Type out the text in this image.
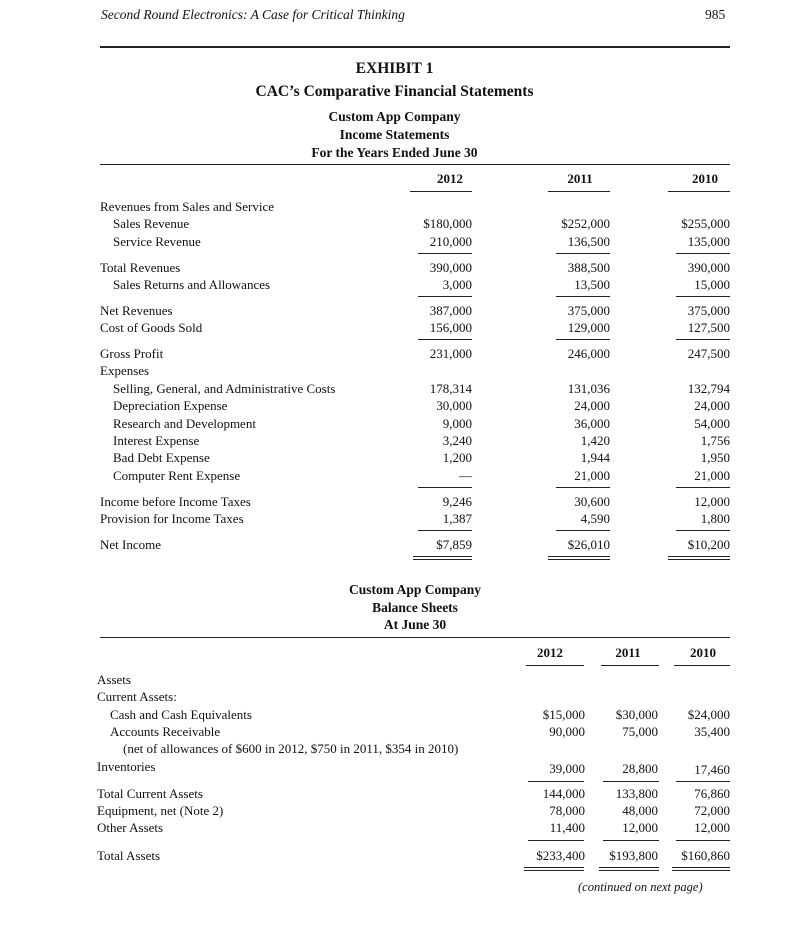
Second Round Electronics: A Case for Critical Thinking	985
EXHIBIT 1
CAC’s Comparative Financial Statements
Custom App Company
Income Statements
For the Years Ended June 30
2012	2011	2010
Revenues from Sales and Service
Sales Revenue	$180,000	$252,000	$255,000
Service Revenue	210,000	136,500	135,000
Total Revenues	390,000	388,500	390,000
Sales Returns and Allowances	3,000	13,500	15,000
Net Revenues	387,000	375,000	375,000
Cost of Goods Sold	156,000	129,000	127,500
Gross Profit	231,000	246,000	247,500
Expenses
Selling, General, and Administrative Costs	178,314	131,036	132,794
Depreciation Expense	30,000	24,000	24,000
Research and Development	9,000	36,000	54,000
Interest Expense	3,240	1,420	1,756
Bad Debt Expense	1,200	1,944	1,950
Computer Rent Expense	—	21,000	21,000
Income before Income Taxes	9,246	30,600	12,000
Provision for Income Taxes	1,387	4,590	1,800
Net Income	$7,859	$26,010	$10,200
Custom App Company
Balance Sheets
At June 30
2012	2011	2010
Assets
Current Assets:
Cash and Cash Equivalents	$15,000	$30,000	$24,000
Accounts Receivable	90,000	75,000	35,400
(net of allowances of $600 in 2012, $750 in 2011, $354 in 2010)
Inventories	39,000	28,800	17,460
Total Current Assets	144,000	133,800	76,860
Equipment, net (Note 2)	78,000	48,000	72,000
Other Assets	11,400	12,000	12,000
Total Assets	$233,400	$193,800	$160,860
(continued on next page)
